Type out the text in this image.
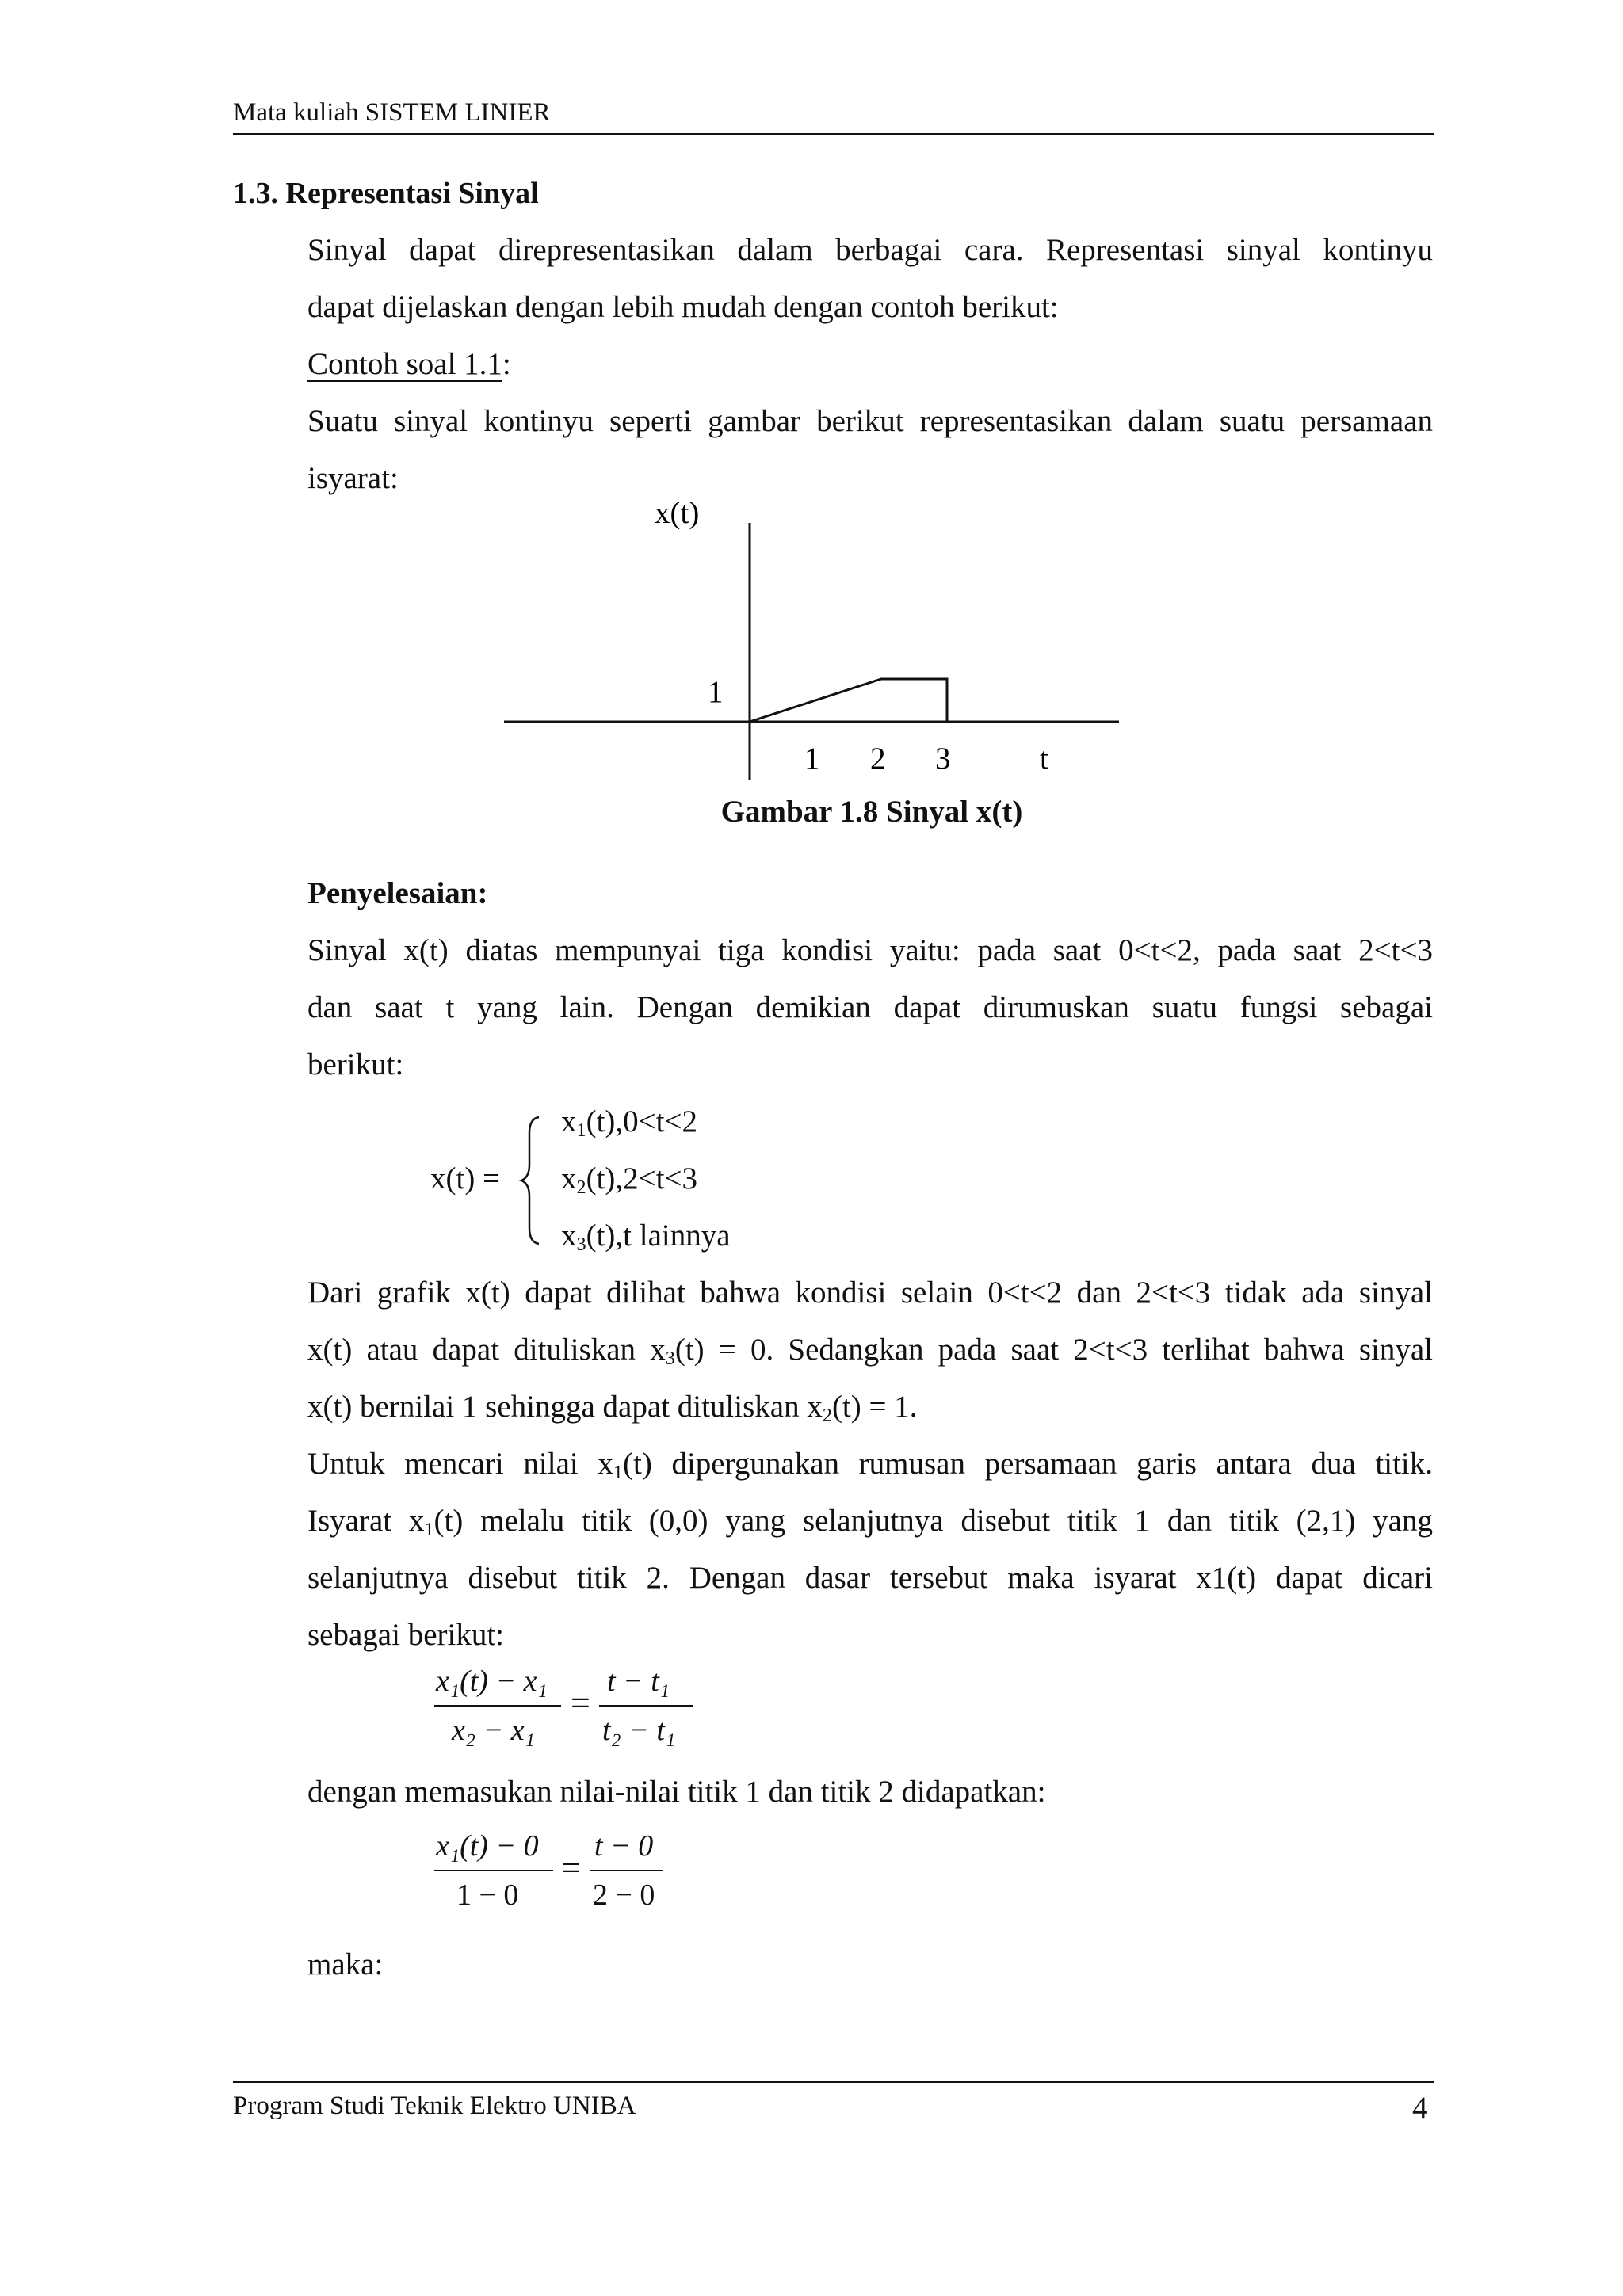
Mata kuliah SISTEM LINIER
1.3. Representasi Sinyal
Sinyal dapat direpresentasikan dalam berbagai cara. Representasi sinyal kontinyu
dapat dijelaskan dengan lebih mudah dengan contoh berikut:
Contoh soal 1.1:
Suatu sinyal kontinyu seperti gambar berikut representasikan dalam suatu persamaan
isyarat:
x(t)
1
1 2 3	t
Gambar 1.8 Sinyal x(t)
Penyelesaian:
Sinyal x(t) diatas mempunyai tiga kondisi yaitu: pada saat 0<t<2, pada saat 2<t<3
dan saat t yang lain. Dengan demikian dapat dirumuskan suatu fungsi sebagai
berikut:
x(t) =
$x_1(t),0<t<2$
$x_2(t),2<t<3$
$x_3(t),t$ lainnya
Dari grafik x(t) dapat dilihat bahwa kondisi selain 0<t<2 dan 2<t<3 tidak ada sinyal
x(t) atau dapat dituliskan $x_3(t) = 0$. Sedangkan pada saat 2<t<3 terlihat bahwa sinyal
x(t) bernilai 1 sehingga dapat dituliskan $x_2(t) = 1$.
Untuk mencari nilai $x_1(t)$ dipergunakan rumusan persamaan garis antara dua titik.
Isyarat $x_1(t)$ melalu titik (0,0) yang selanjutnya disebut titik 1 dan titik (2,1) yang
selanjutnya disebut titik 2. Dengan dasar tersebut maka isyarat x1(t) dapat dicari
sebagai berikut:
x₁(t) − x₁
x₂ − x₁
=
t − t₁
t₂ − t₁
dengan memasukan nilai-nilai titik 1 dan titik 2 didapatkan:
x₁(t) − 0
1 − 0
=
t − 0
2 − 0
maka:
Program Studi Teknik Elektro UNIBA	4
